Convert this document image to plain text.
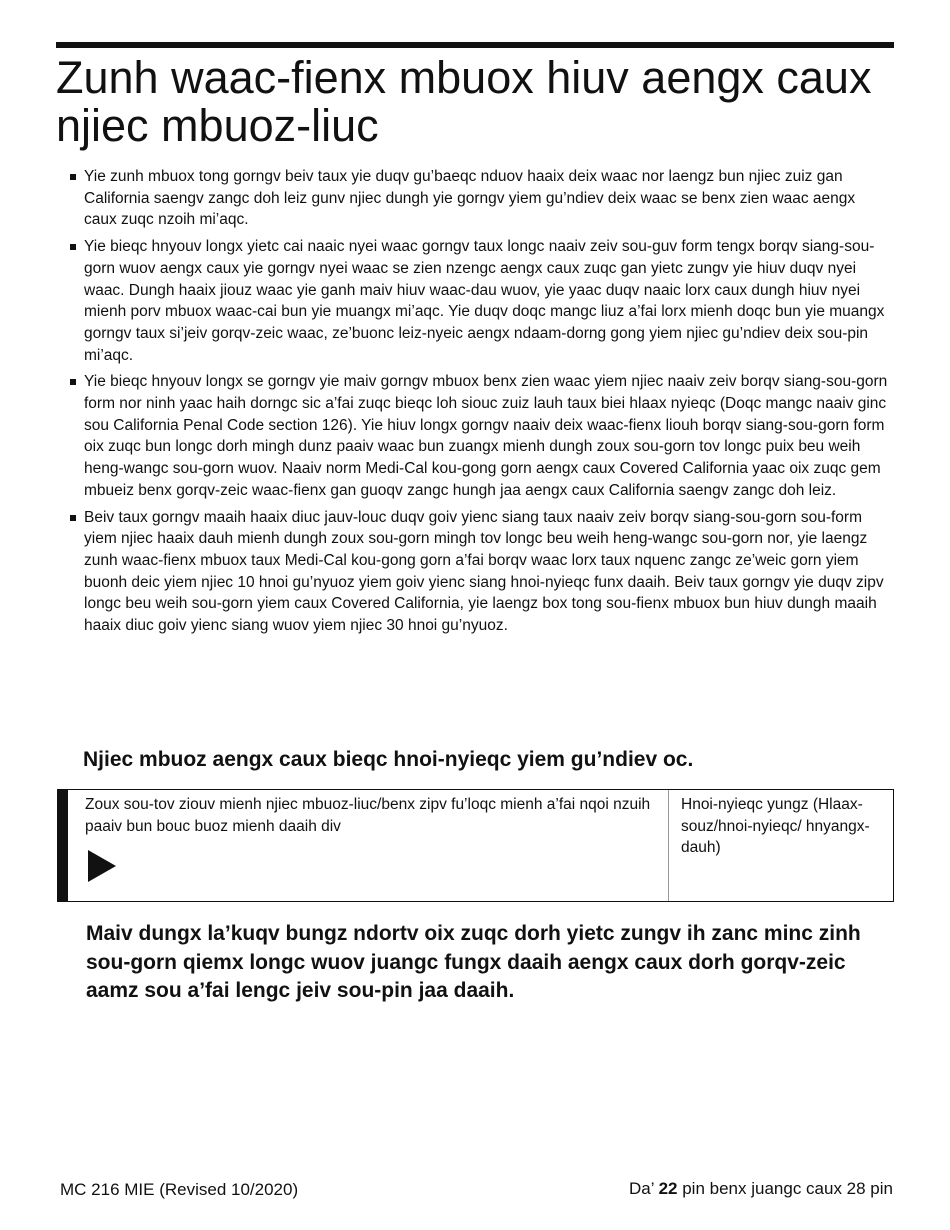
Zunh waac-fienx mbuox hiuv aengx caux njiec mbuoz-liuc
Yie zunh mbuox tong gorngv beiv taux yie duqv gu’baeqc nduov haaix deix waac nor laengz bun njiec zuiz gan California saengv zangc doh leiz gunv njiec dungh yie gorngv yiem gu’ndiev deix waac se benx zien waac aengx caux zuqc nzoih mi’aqc.
Yie bieqc hnyouv longx yietc cai naaic nyei waac gorngv taux longc naaiv zeiv sou-guv form tengx borqv siang-sou-gorn wuov aengx caux yie gorngv nyei waac se zien nzengc aengx caux zuqc gan yietc zungv yie hiuv duqv nyei waac. Dungh haaix jiouz waac yie ganh maiv hiuv waac-dau wuov, yie yaac duqv naaic lorx caux dungh hiuv nyei mienh porv mbuox waac-cai bun yie muangx mi’aqc. Yie duqv doqc mangc liuz a’fai lorx mienh doqc bun yie muangx gorngv taux si’jeiv gorqv-zeic waac, ze’buonc leiz-nyeic aengx ndaam-dorng gong yiem njiec gu’ndiev deix sou-pin mi’aqc.
Yie bieqc hnyouv longx se gorngv yie maiv gorngv mbuox benx zien waac yiem njiec naaiv zeiv borqv siang-sou-gorn form nor ninh yaac haih dorngc sic a’fai zuqc bieqc loh siouc zuiz lauh taux biei hlaax nyieqc (Doqc mangc naaiv ginc sou California Penal Code section 126). Yie hiuv longx gorngv naaiv deix waac-fienx liouh borqv siang-sou-gorn form oix zuqc bun longc dorh mingh dunz paaiv waac bun zuangx mienh dungh zoux sou-gorn tov longc puix beu weih heng-wangc sou-gorn wuov. Naaiv norm Medi-Cal kou-gong gorn aengx caux Covered California yaac oix zuqc gem mbueiz benx gorqv-zeic waac-fienx gan guoqv zangc hungh jaa aengx caux California saengv zangc doh leiz.
Beiv taux gorngv maaih haaix diuc jauv-louc duqv goiv yienc siang taux naaiv zeiv borqv siang-sou-gorn sou-form yiem njiec haaix dauh mienh dungh zoux sou-gorn mingh tov longc beu weih heng-wangc sou-gorn nor, yie laengz zunh waac-fienx mbuox taux Medi-Cal kou-gong gorn a’fai borqv waac lorx taux nquenc zangc ze’weic gorn yiem buonh deic yiem njiec 10 hnoi gu’nyuoz yiem goiv yienc siang hnoi-nyieqc funx daaih. Beiv taux gorngv yie duqv zipv longc beu weih sou-gorn yiem caux Covered California, yie laengz box tong sou-fienx mbuox bun hiuv dungh maaih haaix diuc goiv yienc siang wuov yiem njiec 30 hnoi gu’nyuoz.
Njiec mbuoz aengx caux bieqc hnoi-nyieqc yiem gu’ndiev oc.
Zoux sou-tov ziouv mienh njiec mbuoz-liuc/benx zipv fu’loqc mienh a’fai nqoi nzuih paaiv bun bouc buoz mienh daaih div
Hnoi-nyieqc yungz (Hlaax-souz/hnoi-nyieqc/ hnyangx-dauh)

Maiv dungx la’kuqv bungz ndortv oix zuqc dorh yietc zungv ih zanc minc zinh sou-gorn qiemx longc wuov juangc fungx daaih aengx caux dorh gorqv-zeic aamz sou a’fai lengc jeiv sou-pin jaa daaih.

MC 216 MIE (Revised 10/2020)	Da’ 22 pin benx juangc caux 28 pin
